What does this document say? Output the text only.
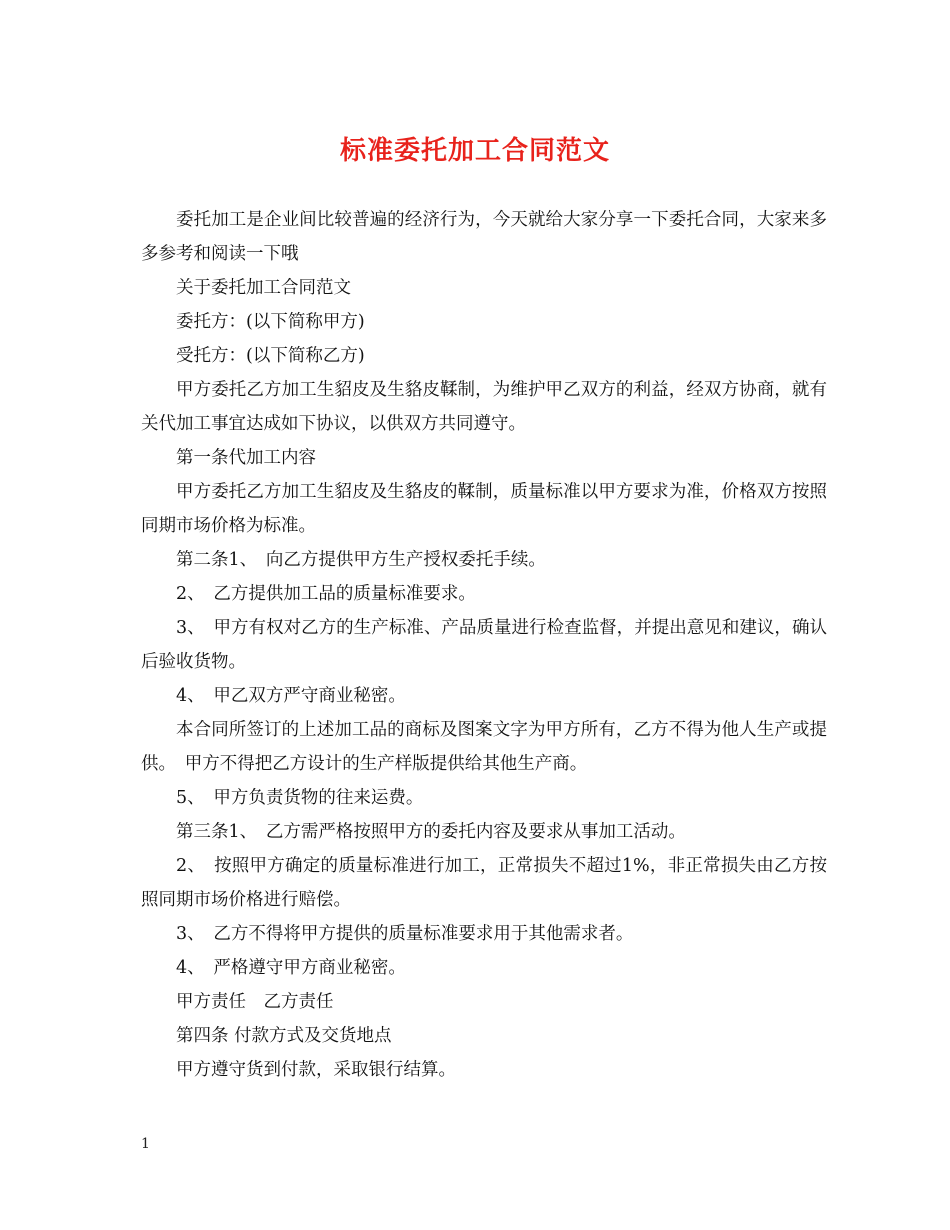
标准委托加工合同范文

委托加工是企业间比较普遍的经济行为，今天就给大家分享一下委托合同，大家来多多参考和阅读一下哦

关于委托加工合同范文

委托方：(以下简称甲方)

受托方：(以下简称乙方)

甲方委托乙方加工生貂皮及生貉皮鞣制，为维护甲乙双方的利益，经双方协商，就有关代加工事宜达成如下协议，以供双方共同遵守。

第一条代加工内容

甲方委托乙方加工生貂皮及生貉皮的鞣制，质量标准以甲方要求为准，价格双方按照同期市场价格为标准。

第二条1、　向乙方提供甲方生产授权委托手续。

2、　乙方提供加工品的质量标准要求。

3、　甲方有权对乙方的生产标准、产品质量进行检查监督，并提出意见和建议，确认后验收货物。

4、　甲乙双方严守商业秘密。

本合同所签订的上述加工品的商标及图案文字为甲方所有，乙方不得为他人生产或提供。　甲方不得把乙方设计的生产样版提供给其他生产商。

5、　甲方负责货物的往来运费。

第三条1、　乙方需严格按照甲方的委托内容及要求从事加工活动。

2、　按照甲方确定的质量标准进行加工，正常损失不超过1%，非正常损失由乙方按照同期市场价格进行赔偿。

3、　乙方不得将甲方提供的质量标准要求用于其他需求者。

4、　严格遵守甲方商业秘密。

甲方责任　乙方责任

第四条 付款方式及交货地点

甲方遵守货到付款，采取银行结算。

1
